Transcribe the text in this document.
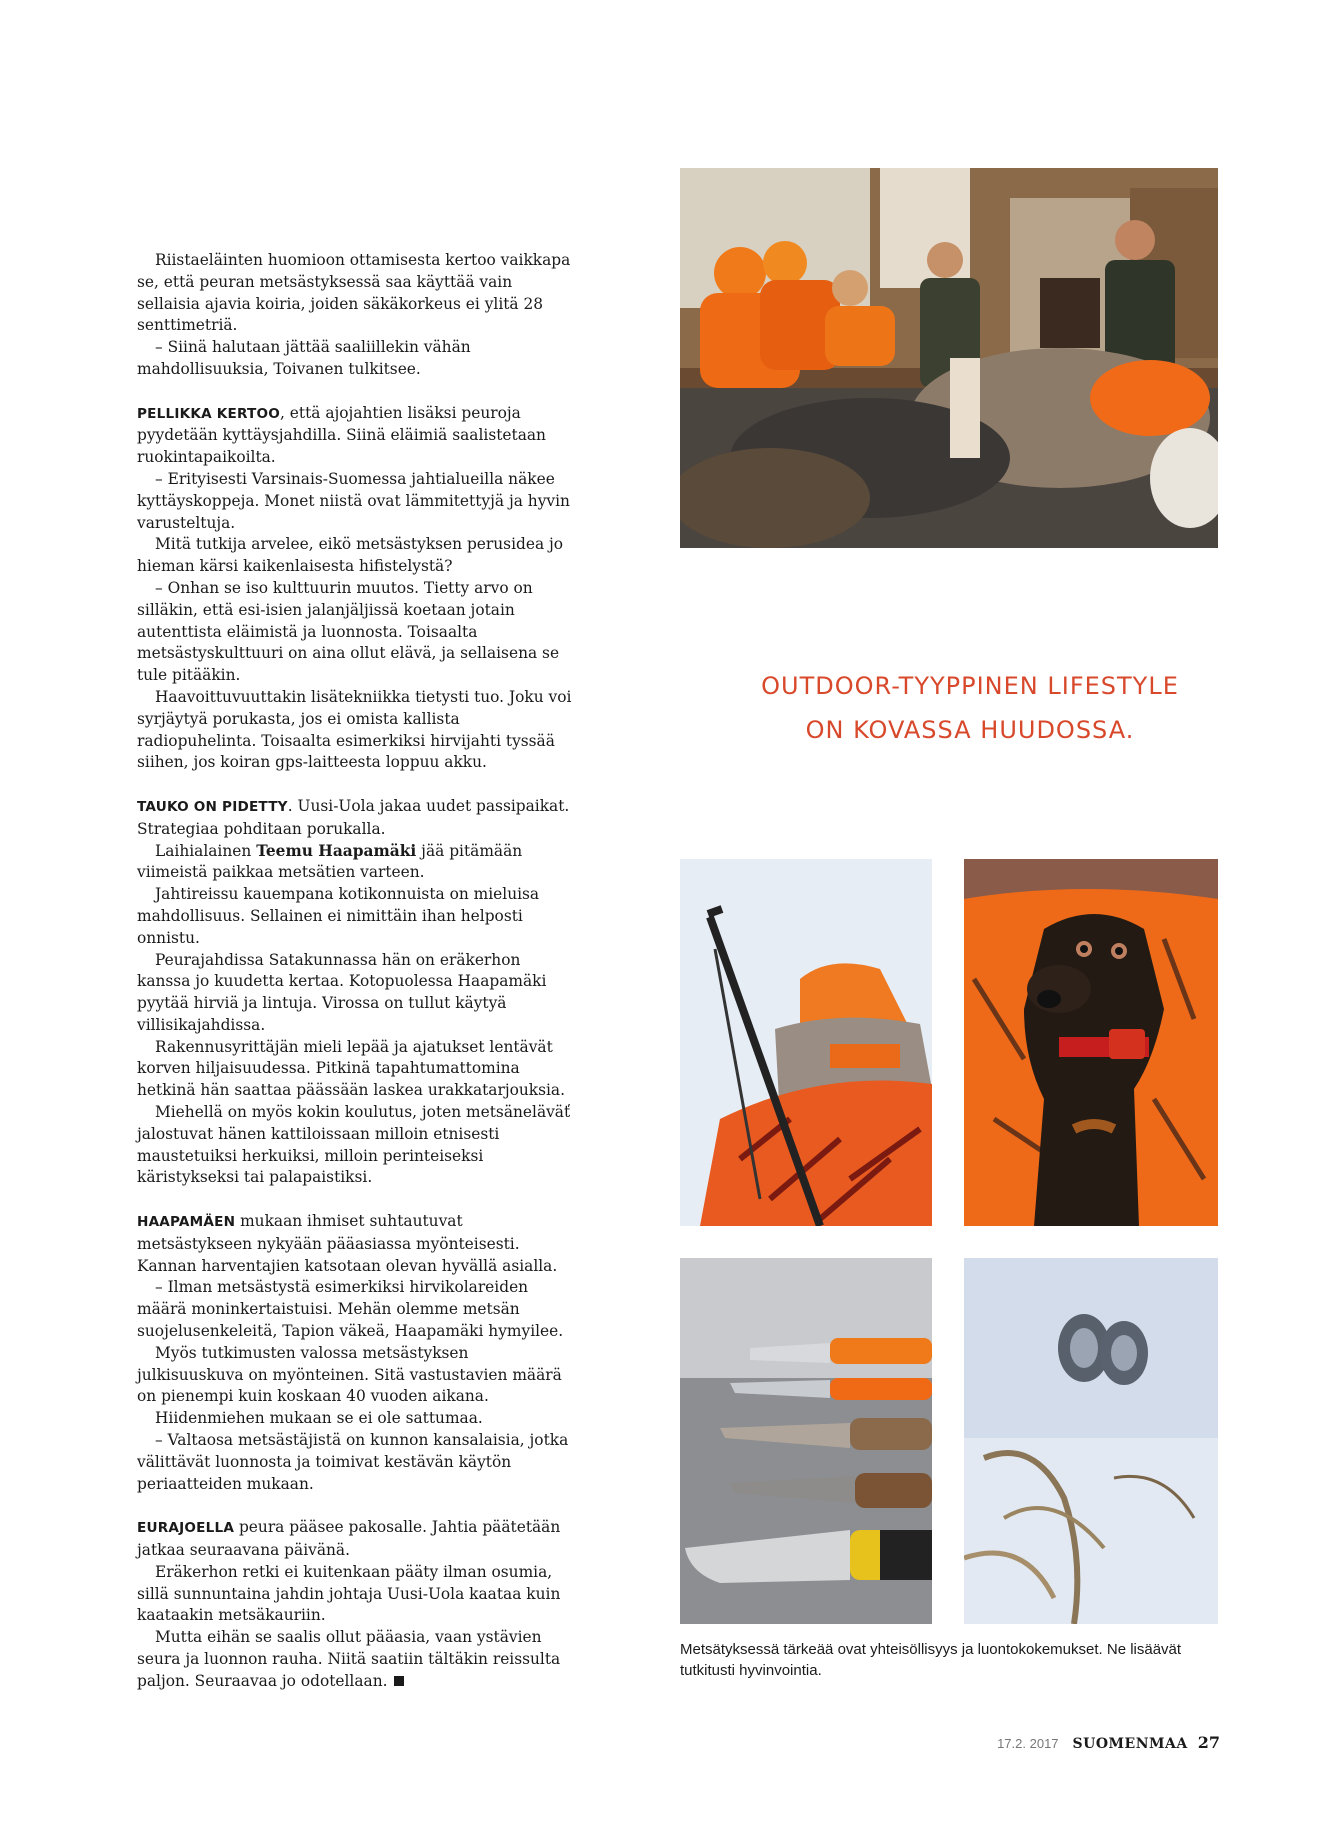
Riistaeläinten huomioon ottamisesta kertoo vaikkapa se, että peuran metsästyksessä saa käyttää vain sellaisia ajavia koiria, joiden säkäkorkeus ei ylitä 28 senttimetriä.

– Siinä halutaan jättää saaliillekin vähän mahdollisuuksia, Toivanen tulkitsee.

PELLIKKA KERTOO, että ajojahtien lisäksi peuroja pyydetään kyttäysjahdilla. Siinä eläimiä saalistetaan ruokintapaikoilta.

– Erityisesti Varsinais-Suomessa jahtialueilla näkee kyttäyskoppeja. Monet niistä ovat lämmitettyjä ja hyvin varusteltuja.

Mitä tutkija arvelee, eikö metsästyksen perusidea jo hieman kärsi kaikenlaisesta hifistelystä?

– Onhan se iso kulttuurin muutos. Tietty arvo on silläkin, että esi-isien jalanjäljissä koetaan jotain autenttista eläimistä ja luonnosta. Toisaalta metsästyskulttuuri on aina ollut elävä, ja sellaisena se tule pitääkin.

Haavoittuvuuttakin lisätekniikka tietysti tuo. Joku voi syrjäytyä porukasta, jos ei omista kallista radiopuhelinta. Toisaalta esimerkiksi hirvijahti tyssää siihen, jos koiran gps-laitteesta loppuu akku.

TAUKO ON PIDETTY. Uusi-Uola jakaa uudet passipaikat. Strategiaa pohditaan porukalla.

Laihialainen Teemu Haapamäki jää pitämään viimeistä paikkaa metsätien varteen.

Jahtireissu kauempana kotikonnuista on mieluisa mahdollisuus. Sellainen ei nimittäin ihan helposti onnistu.

Peurajahdissa Satakunnassa hän on eräkerhon kanssa jo kuudetta kertaa. Kotopuolessa Haapamäki pyytää hirviä ja lintuja. Virossa on tullut käytyä villisikajahdissa.

Rakennusyrittäjän mieli lepää ja ajatukset lentävät korven hiljaisuudessa. Pitkinä tapahtumattomina hetkinä hän saattaa päässään laskea urakkatarjouksia.

Miehellä on myös kokin koulutus, joten metsäneläväť jalostuvat hänen kattiloissaan milloin etnisesti maustetuiksi herkuiksi, milloin perinteiseksi käristykseksi tai palapaistiksi.

HAAPAMÄEN mukaan ihmiset suhtautuvat metsästykseen nykyään pääasiassa myönteisesti. Kannan harventajien katsotaan olevan hyvällä asialla.

– Ilman metsästystä esimerkiksi hirvikolareiden määrä moninkertaistuisi. Mehän olemme metsän suojelusenkeleitä, Tapion väkeä, Haapamäki hymyilee.

Myös tutkimusten valossa metsästyksen julkisuuskuva on myönteinen. Sitä vastustavien määrä on pienempi kuin koskaan 40 vuoden aikana.

Hiidenmiehen mukaan se ei ole sattumaa.

– Valtaosa metsästäjistä on kunnon kansalaisia, jotka välittävät luonnosta ja toimivat kestävän käytön periaatteiden mukaan.

EURAJOELLA peura pääsee pakosalle. Jahtia päätetään jatkaa seuraavana päivänä.

Eräkerhon retki ei kuitenkaan pääty ilman osumia, sillä sunnuntaina jahdin johtaja Uusi-Uola kaataa kuin kaataakin metsäkauriin.

Mutta eihän se saalis ollut pääasia, vaan ystävien seura ja luonnon rauha. Niitä saatiin tältäkin reissulta paljon. Seuraavaa jo odotellaan.

OUTDOOR-TYYPPINEN LIFESTYLE
ON KOVASSA HUUDOSSA.
Metsätyksessä tärkeää ovat yhteisöllisyys ja luontokokemukset. Ne lisäävät tutkitusti hyvinvointia.
17.2. 2017 SUOMENMAA 27
